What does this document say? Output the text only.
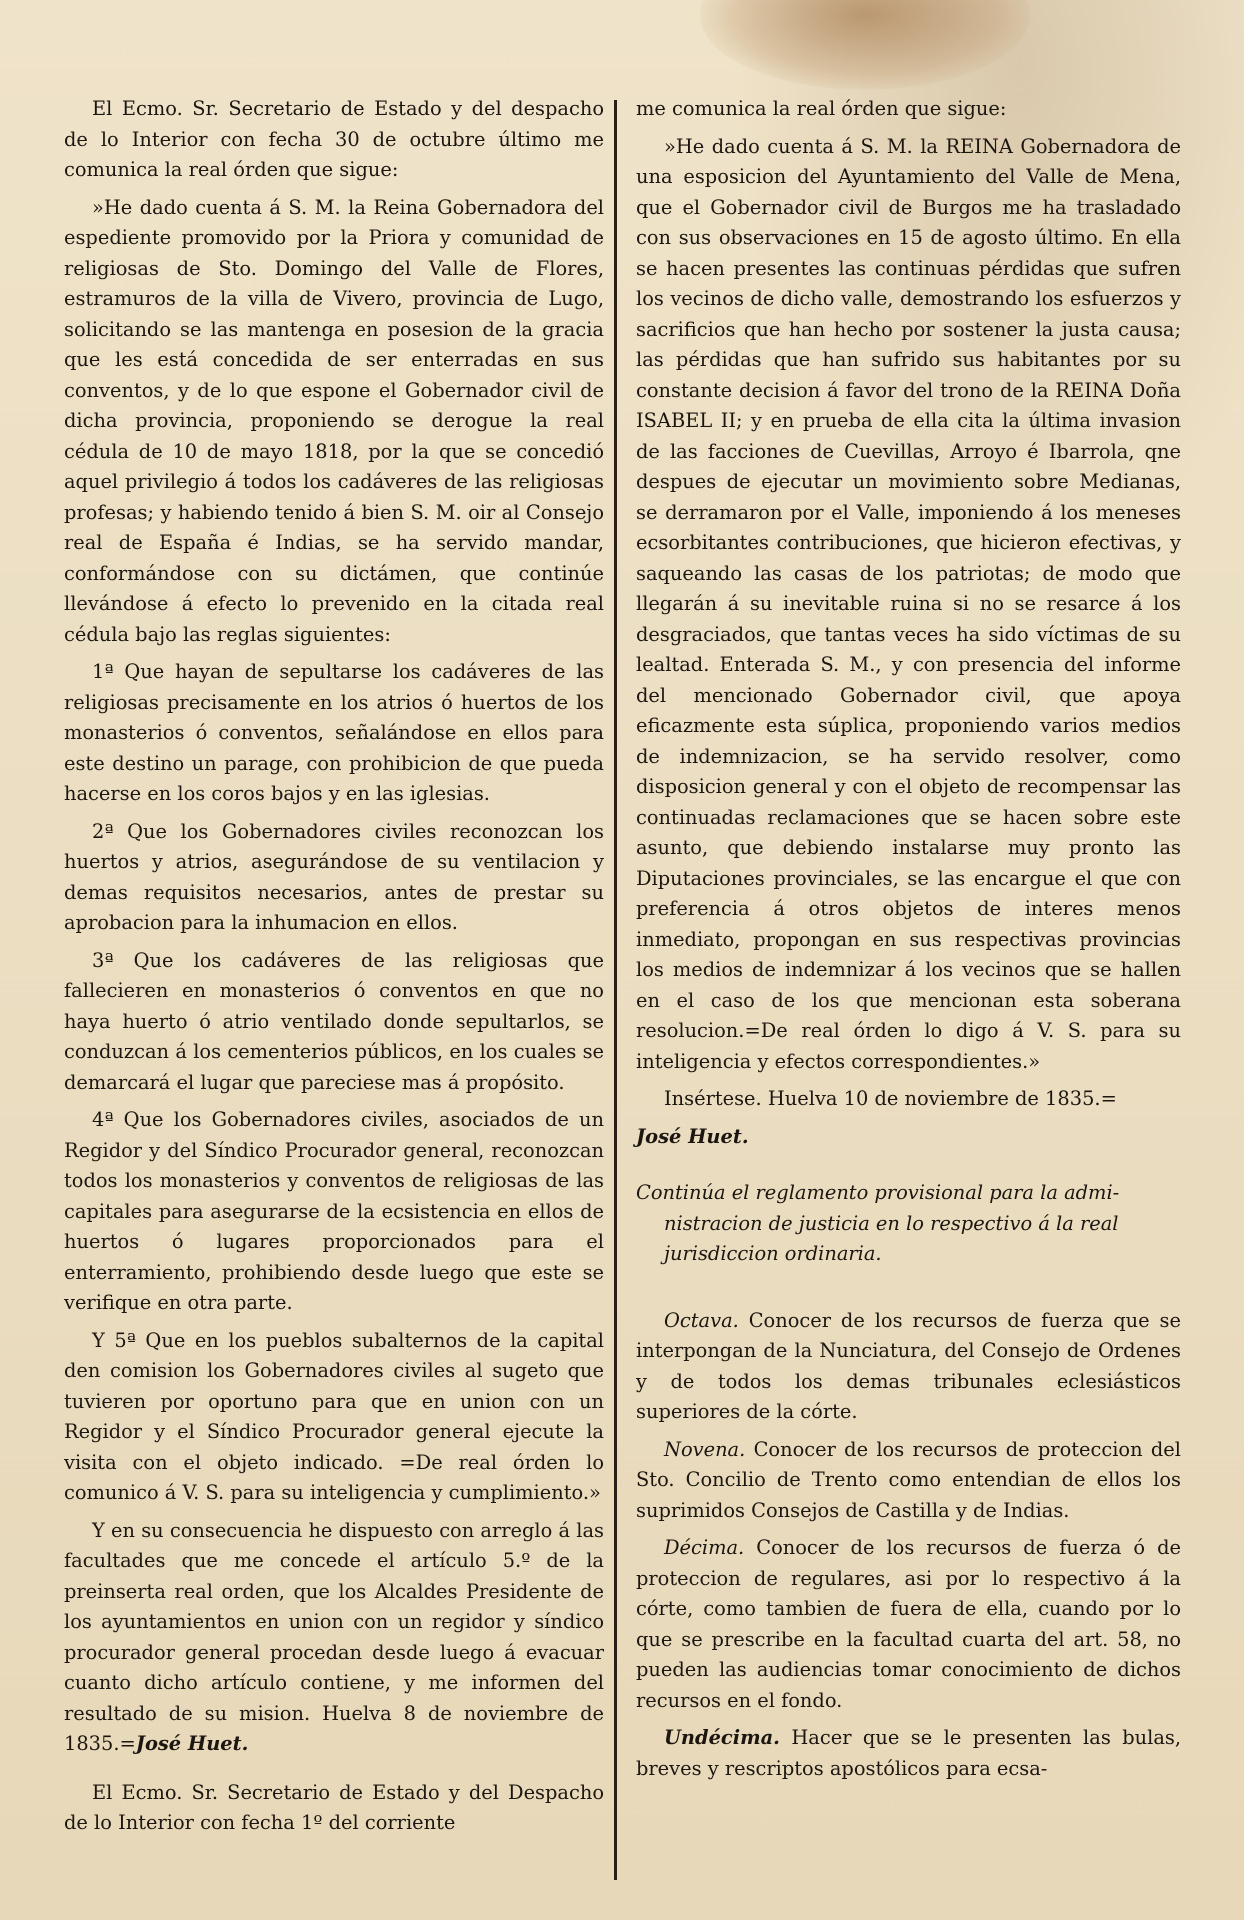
El Ecmo. Sr. Secretario de Estado y del despacho de lo Interior con fecha 30 de octubre último me comunica la real órden que sigue:

»He dado cuenta á S. M. la Reina Gobernadora del espediente promovido por la Priora y comunidad de religiosas de Sto. Domingo del Valle de Flores, estramuros de la villa de Vivero, provincia de Lugo, solicitando se las mantenga en posesion de la gracia que les está concedida de ser enterradas en sus conventos, y de lo que espone el Gobernador civil de dicha provincia, proponiendo se derogue la real cédula de 10 de mayo 1818, por la que se concedió aquel privilegio á todos los cadáveres de las religiosas profesas; y habiendo tenido á bien S. M. oir al Consejo real de España é Indias, se ha servido mandar, conformándose con su dictámen, que continúe llevándose á efecto lo prevenido en la citada real cédula bajo las reglas siguientes:

1ª Que hayan de sepultarse los cadáveres de las religiosas precisamente en los atrios ó huertos de los monasterios ó conventos, señalándose en ellos para este destino un parage, con prohibicion de que pueda hacerse en los coros bajos y en las iglesias.

2ª Que los Gobernadores civiles reconozcan los huertos y atrios, asegurándose de su ventilacion y demas requisitos necesarios, antes de prestar su aprobacion para la inhumacion en ellos.

3ª Que los cadáveres de las religiosas que fallecieren en monasterios ó conventos en que no haya huerto ó atrio ventilado donde sepultarlos, se conduzcan á los cementerios públicos, en los cuales se demarcará el lugar que pareciese mas á propósito.

4ª Que los Gobernadores civiles, asociados de un Regidor y del Síndico Procurador general, reconozcan todos los monasterios y conventos de religiosas de las capitales para asegurarse de la ecsistencia en ellos de huertos ó lugares proporcionados para el enterramiento, prohibiendo desde luego que este se verifique en otra parte.

Y 5ª Que en los pueblos subalternos de la capital den comision los Gobernadores civiles al sugeto que tuvieren por oportuno para que en union con un Regidor y el Síndico Procurador general ejecute la visita con el objeto indicado. =De real órden lo comunico á V. S. para su inteligencia y cumplimiento.»

Y en su consecuencia he dispuesto con arreglo á las facultades que me concede el artículo 5.º de la preinserta real orden, que los Alcaldes Presidente de los ayuntamientos en union con un regidor y síndico procurador general procedan desde luego á evacuar cuanto dicho artículo contiene, y me informen del resultado de su mision. Huelva 8 de noviembre de 1835.=José Huet.

El Ecmo. Sr. Secretario de Estado y del Despacho de lo Interior con fecha 1º del corriente

me comunica la real órden que sigue:

»He dado cuenta á S. M. la REINA Gobernadora de una esposicion del Ayuntamiento del Valle de Mena, que el Gobernador civil de Burgos me ha trasladado con sus observaciones en 15 de agosto último. En ella se hacen presentes las continuas pérdidas que sufren los vecinos de dicho valle, demostrando los esfuerzos y sacrificios que han hecho por sostener la justa causa; las pérdidas que han sufrido sus habitantes por su constante decision á favor del trono de la REINA Doña ISABEL II; y en prueba de ella cita la última invasion de las facciones de Cuevillas, Arroyo é Ibarrola, qne despues de ejecutar un movimiento sobre Medianas, se derramaron por el Valle, imponiendo á los meneses ecsorbitantes contribuciones, que hicieron efectivas, y saqueando las casas de los patriotas; de modo que llegarán á su inevitable ruina si no se resarce á los desgraciados, que tantas veces ha sido víctimas de su lealtad. Enterada S. M., y con presencia del informe del mencionado Gobernador civil, que apoya eficazmente esta súplica, proponiendo varios medios de indemnizacion, se ha servido resolver, como disposicion general y con el objeto de recompensar las continuadas reclamaciones que se hacen sobre este asunto, que debiendo instalarse muy pronto las Diputaciones provinciales, se las encargue el que con preferencia á otros objetos de interes menos inmediato, propongan en sus respectivas provincias los medios de indemnizar á los vecinos que se hallen en el caso de los que mencionan esta soberana resolucion.=De real órden lo digo á V. S. para su inteligencia y efectos correspondientes.»

Insértese. Huelva 10 de noviembre de 1835.=

José Huet.

Continúa el reglamento provisional para la admi-
nistracion de justicia en lo respectivo á la real
jurisdiccion ordinaria.

Octava. Conocer de los recursos de fuerza que se interpongan de la Nunciatura, del Consejo de Ordenes y de todos los demas tribunales eclesiásticos superiores de la córte.

Novena. Conocer de los recursos de proteccion del Sto. Concilio de Trento como entendian de ellos los suprimidos Consejos de Castilla y de Indias.

Décima. Conocer de los recursos de fuerza ó de proteccion de regulares, asi por lo respectivo á la córte, como tambien de fuera de ella, cuando por lo que se prescribe en la facultad cuarta del art. 58, no pueden las audiencias tomar conocimiento de dichos recursos en el fondo.

Undécima. Hacer que se le presenten las bulas, breves y rescriptos apostólicos para ecsa-
